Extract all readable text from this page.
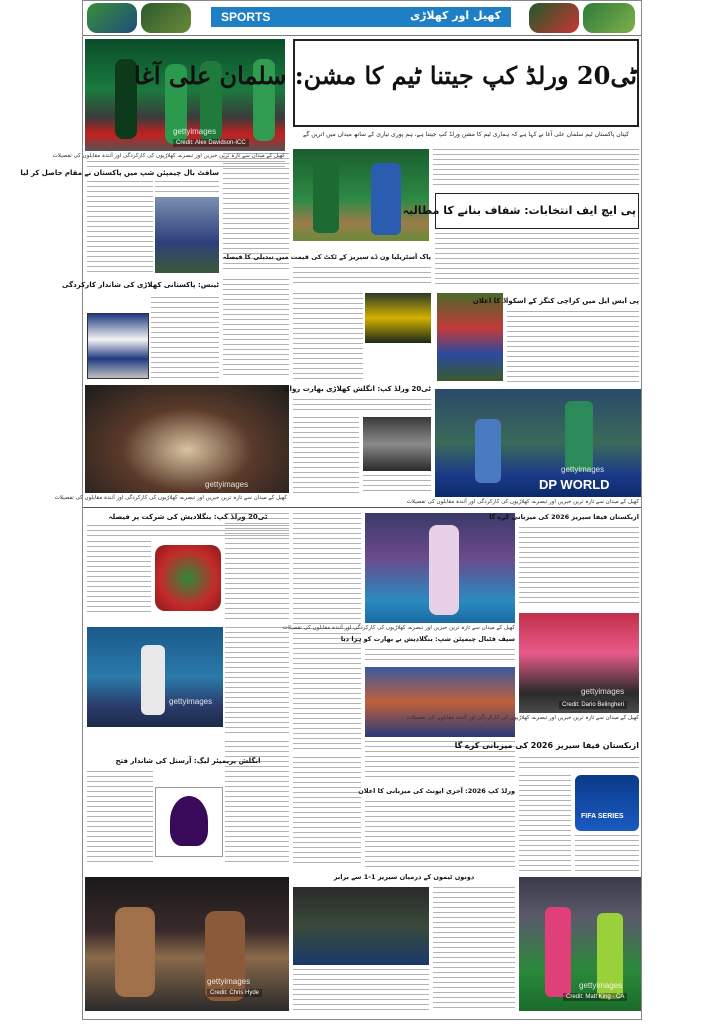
SPORTS	کھیل اور کھلاڑی
gettyimages
Credit: Alex Davidson-ICC
ٹی20 ورلڈ کپ جیتنا ٹیم کا مشن: سلمان علی آغا
کپتان پاکستان ٹیم سلمان علی آغا نے کہا ہے کہ ہماری ٹیم کا مشن ورلڈ کپ جیتنا ہے، ہم پوری تیاری کے ساتھ میدان میں اتریں گے
کھیل کے میدان سے تازہ ترین خبریں اور تبصرے، کھلاڑیوں کی کارکردگی اور آئندہ مقابلوں کی تفصیلات
سافٹ بال چیمپئن شپ میں پاکستان نے مقام حاصل کر لیا
ٹینس: پاکستانی کھلاڑی کی شاندار کارکردگی
gettyimages
کھیل کے میدان سے تازہ ترین خبریں اور تبصرے، کھلاڑیوں کی کارکردگی اور آئندہ مقابلوں کی تفصیلات
پی ایچ ایف انتخابات: شفاف بنانے کا مطالبہ
پاک آسٹریلیا ون ڈے سیریز کے ٹکٹ کی قیمت میں تبدیلی کا فیصلہ
پی ایس ایل میں کراچی کنگز کے اسکواڈ کا اعلان
ٹی20 ورلڈ کپ: انگلش کھلاڑی بھارت روانہ
DP WORLD
gettyimages
کھیل کے میدان سے تازہ ترین خبریں اور تبصرے، کھلاڑیوں کی کارکردگی اور آئندہ مقابلوں کی تفصیلات
ٹی20 ورلڈ کپ: بنگلادیش کی شرکت پر فیصلہ
gettyimages
انگلش پریمیئر لیگ: آرسنل کی شاندار فتح
gettyimages
Credit: Chris Hyde
کھیل کے میدان سے تازہ ترین خبریں اور تبصرے، کھلاڑیوں کی کارکردگی اور آئندہ مقابلوں کی تفصیلات
سیف فٹبال چیمپئن شپ: بنگلادیش نے بھارت کو ہرا دیا
ورلڈ کپ 2026: آخری ایونٹ کی میزبانی کا اعلان
دونوں ٹیموں کے درمیان سیریز 1-1 سے برابر
ازبکستان فیفا سیریز 2026 کی میزبانی کرے گا
gettyimages
Credit: Dario Belingheri
کھیل کے میدان سے تازہ ترین خبریں اور تبصرے، کھلاڑیوں کی کارکردگی اور آئندہ مقابلوں کی تفصیلات
ازبکستان فیفا سیریز 2026 کی میزبانی کرے گا
FIFA SERIES
gettyimages
Credit: Matt King - CA
